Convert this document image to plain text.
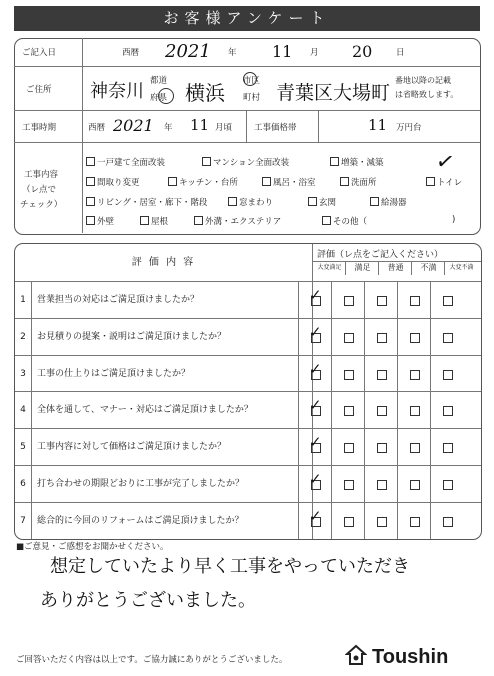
お客様アンケート
ご記入日	西暦 2021 年 11 月 20	日
ご住所 神奈川 都道
府県 横浜 市区
町村 青葉区大場町
番地以降の記載
は省略致します。
工事時期	西暦 2021 年 11 月頃	工事価格帯	11 万円台
工事内容
（レ点で
チェック）
一戸建て全面改装	マンション全面改装	増築・減築
間取り変更	キッチン・台所	風呂・浴室	洗面所	トイレ
✓
リビング・居室・廊下・階段	窓まわり	玄関	給湯器
外壁	屋根	外溝・エクステリア	その他（	)
評 価 内 容
評価（レ点をご記入ください）
大変満足	満足	普通	不満	大変不満
1	営業担当の対応はご満足頂けましたか？	✓
2	お見積りの提案・説明はご満足頂けましたか？	✓
3	工事の仕上りはご満足頂けましたか？	✓
4	全体を通して、マナー・対応はご満足頂けましたか？	✓
5	工事内容に対して価格はご満足頂けましたか？	✓
6	打ち合わせの期限どおりに工事が完了しましたか？	✓
7	総合的に今回のリフォームはご満足頂けましたか？	✓
■ご意見・ご感想をお聞かせください。
想定していたより早く工事をやっていただき
ありがとうございました。
ご回答いただく内容は以上です。ご協力誠にありがとうございました。	Toushin
